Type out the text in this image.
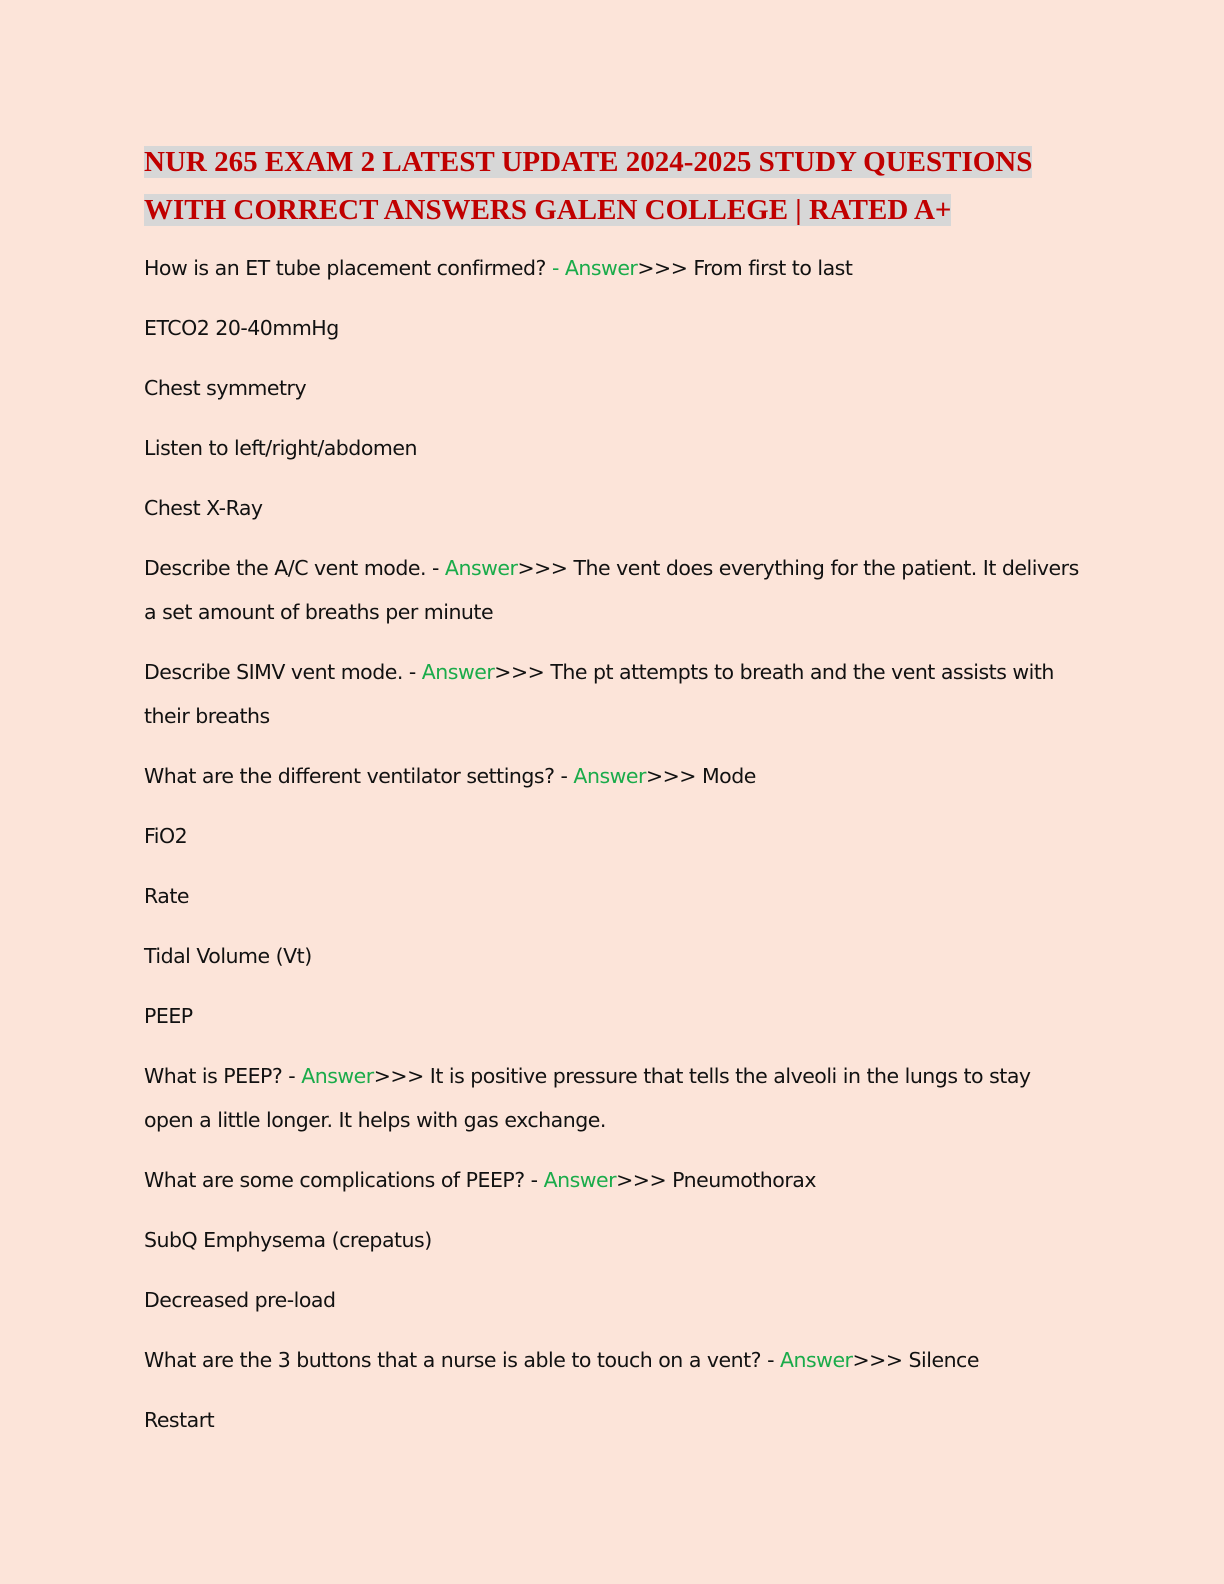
NUR 265 EXAM 2 LATEST UPDATE 2024-2025 STUDY QUESTIONS
WITH CORRECT ANSWERS GALEN COLLEGE | RATED A+

How is an ET tube placement confirmed? - Answer>>> From first to last

ETCO2 20-40mmHg

Chest symmetry

Listen to left/right/abdomen

Chest X-Ray

Describe the A/C vent mode. - Answer>>> The vent does everything for the patient. It delivers a set amount of breaths per minute

Describe SIMV vent mode. - Answer>>> The pt attempts to breath and the vent assists with their breaths

What are the different ventilator settings? - Answer>>> Mode

FiO2

Rate

Tidal Volume (Vt)

PEEP

What is PEEP? - Answer>>> It is positive pressure that tells the alveoli in the lungs to stay open a little longer. It helps with gas exchange.

What are some complications of PEEP? - Answer>>> Pneumothorax

SubQ Emphysema (crepatus)

Decreased pre-load

What are the 3 buttons that a nurse is able to touch on a vent? - Answer>>> Silence

Restart
